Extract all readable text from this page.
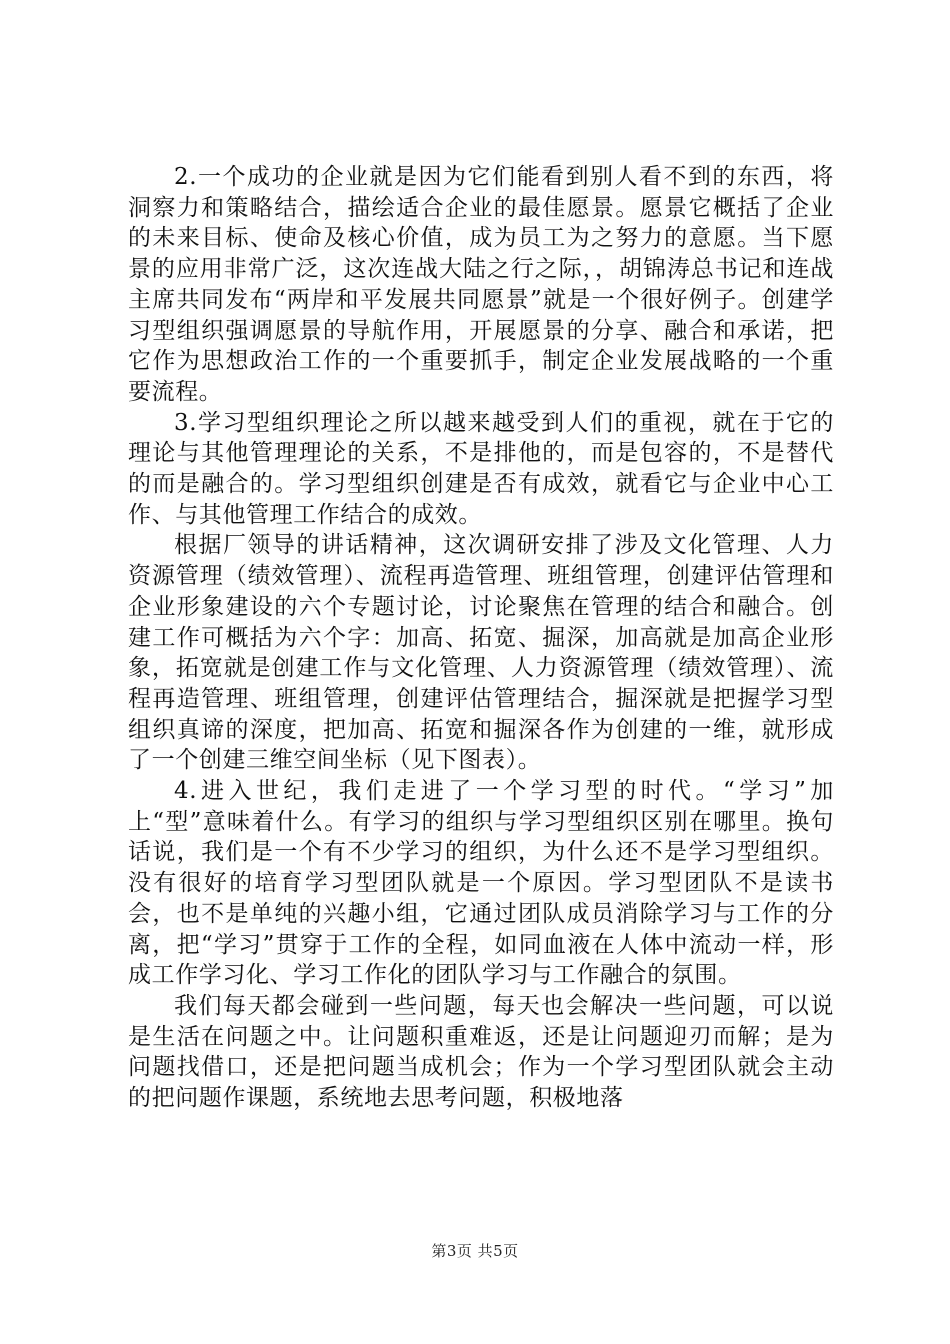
2.一个成功的企业就是因为它们能看到别人看不到的东西，将洞察力和策略结合，描绘适合企业的最佳愿景。愿景它概括了企业的未来目标、使命及核心价值，成为员工为之努力的意愿。当下愿景的应用非常广泛，这次连战大陆之行之际，，胡锦涛总书记和连战主席共同发布“两岸和平发展共同愿景”就是一个很好例子。创建学习型组织强调愿景的导航作用，开展愿景的分享、融合和承诺，把它作为思想政治工作的一个重要抓手，制定企业发展战略的一个重要流程。

3.学习型组织理论之所以越来越受到人们的重视，就在于它的理论与其他管理理论的关系，不是排他的，而是包容的，不是替代的而是融合的。学习型组织创建是否有成效，就看它与企业中心工作、与其他管理工作结合的成效。

根据厂领导的讲话精神，这次调研安排了涉及文化管理、人力资源管理（绩效管理）、流程再造管理、班组管理，创建评估管理和企业形象建设的六个专题讨论，讨论聚焦在管理的结合和融合。创建工作可概括为六个字：加高、拓宽、掘深，加高就是加高企业形象，拓宽就是创建工作与文化管理、人力资源管理（绩效管理）、流程再造管理、班组管理，创建评估管理结合，掘深就是把握学习型组织真谛的深度，把加高、拓宽和掘深各作为创建的一维，就形成了一个创建三维空间坐标（见下图表）。

4.进入世纪，我们走进了一个学习型的时代。“学习”加上“型”意味着什么。有学习的组织与学习型组织区别在哪里。换句话说，我们是一个有不少学习的组织，为什么还不是学习型组织。没有很好的培育学习型团队就是一个原因。学习型团队不是读书会，也不是单纯的兴趣小组，它通过团队成员消除学习与工作的分离，把“学习”贯穿于工作的全程，如同血液在人体中流动一样，形成工作学习化、学习工作化的团队学习与工作融合的氛围。

我们每天都会碰到一些问题，每天也会解决一些问题，可以说是生活在问题之中。让问题积重难返，还是让问题迎刃而解；是为问题找借口，还是把问题当成机会；作为一个学习型团队就会主动的把问题作课题，系统地去思考问题，积极地落

第3页 共5页
